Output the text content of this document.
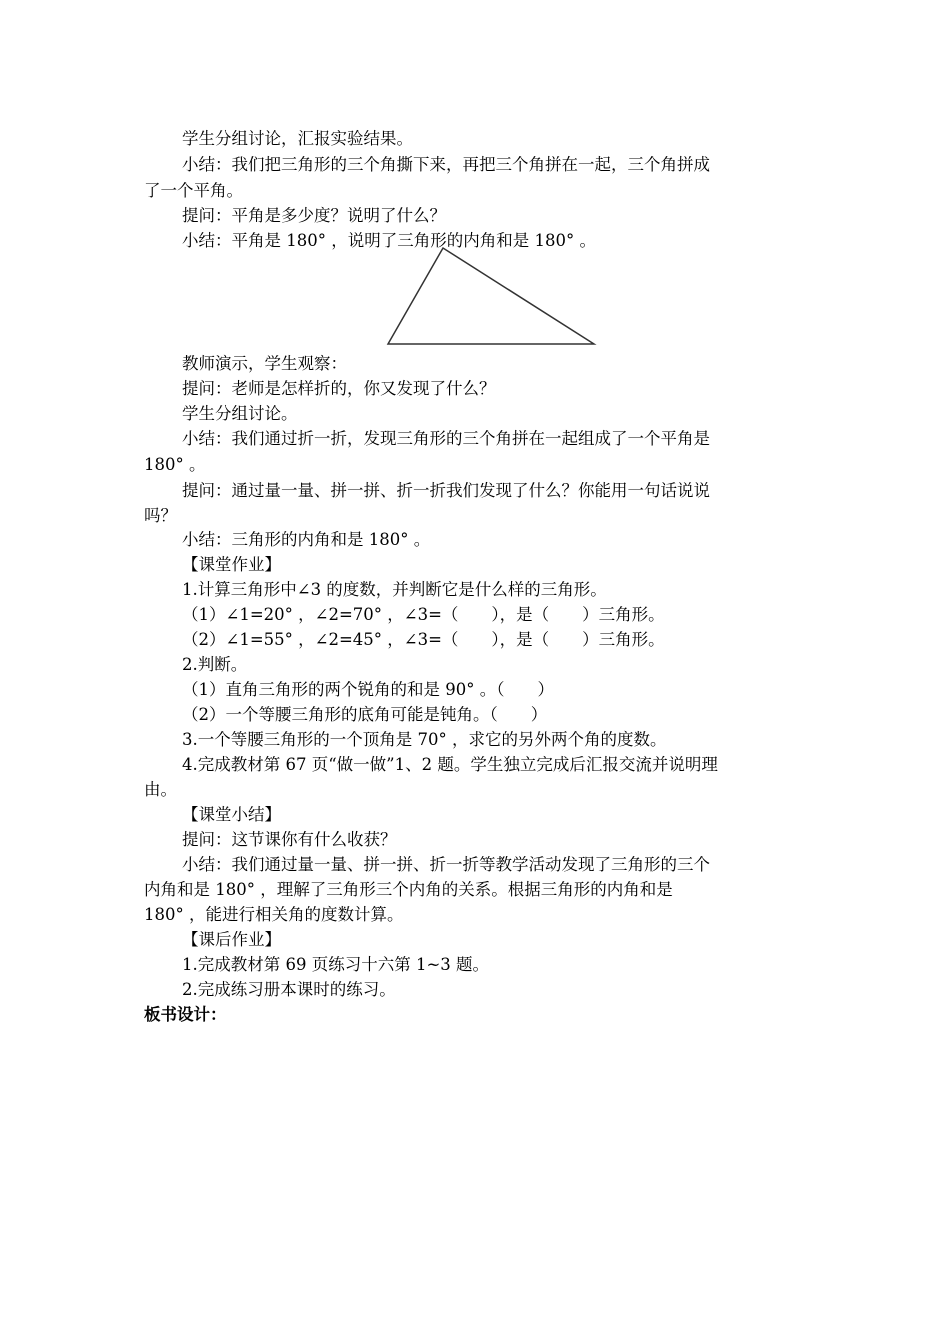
学生分组讨论，汇报实验结果。
小结：我们把三角形的三个角撕下来，再把三个角拼在一起，三个角拼成
了一个平角。
提问：平角是多少度？说明了什么？
小结：平角是 180° ，说明了三角形的内角和是 180° 。
教师演示，学生观察：
提问：老师是怎样折的，你又发现了什么？
学生分组讨论。
小结：我们通过折一折，发现三角形的三个角拼在一起组成了一个平角是
180° 。
提问：通过量一量、拼一拼、折一折我们发现了什么？你能用一句话说说
吗？
小结：三角形的内角和是 180° 。
【课堂作业】
1.计算三角形中∠3 的度数，并判断它是什么样的三角形。
（1）∠1=20° ，∠2=70° ，∠3=（　　），是（　　）三角形。
（2）∠1=55° ，∠2=45° ，∠3=（　　），是（　　）三角形。
2.判断。
（1）直角三角形的两个锐角的和是 90° 。（　　）
（2）一个等腰三角形的底角可能是钝角。（　　）
3.一个等腰三角形的一个顶角是 70° ，求它的另外两个角的度数。
4.完成教材第 67 页“做一做”1、2 题。学生独立完成后汇报交流并说明理
由。
【课堂小结】
提问：这节课你有什么收获？
小结：我们通过量一量、拼一拼、折一折等教学活动发现了三角形的三个
内角和是 180° ，理解了三角形三个内角的关系。根据三角形的内角和是
180° ，能进行相关角的度数计算。
【课后作业】
1.完成教材第 69 页练习十六第 1~3 题。
2.完成练习册本课时的练习。
板书设计：
